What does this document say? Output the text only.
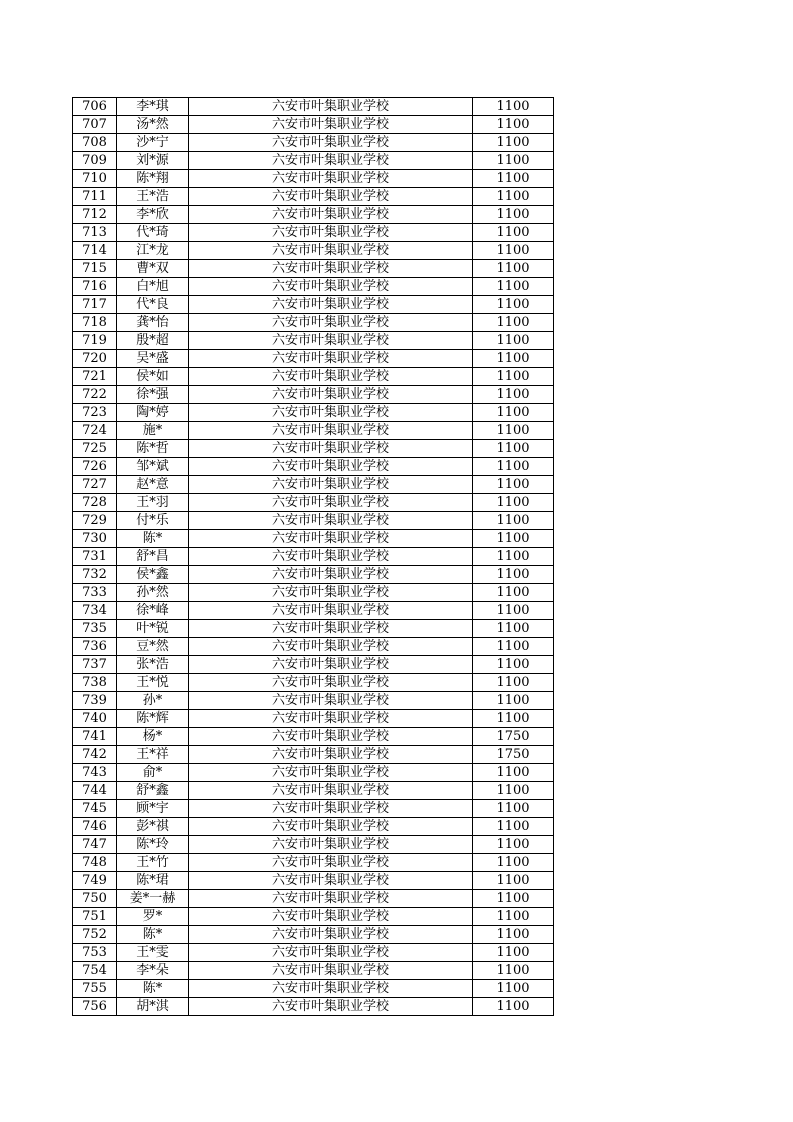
706	李*琪	六安市叶集职业学校	1100
707	汤*然	六安市叶集职业学校	1100
708	沙*宁	六安市叶集职业学校	1100
709	刘*源	六安市叶集职业学校	1100
710	陈*翔	六安市叶集职业学校	1100
711	王*浩	六安市叶集职业学校	1100
712	李*欣	六安市叶集职业学校	1100
713	代*琦	六安市叶集职业学校	1100
714	江*龙	六安市叶集职业学校	1100
715	曹*双	六安市叶集职业学校	1100
716	白*旭	六安市叶集职业学校	1100
717	代*良	六安市叶集职业学校	1100
718	龚*怡	六安市叶集职业学校	1100
719	殷*超	六安市叶集职业学校	1100
720	吴*盛	六安市叶集职业学校	1100
721	侯*如	六安市叶集职业学校	1100
722	徐*强	六安市叶集职业学校	1100
723	陶*婷	六安市叶集职业学校	1100
724	施*	六安市叶集职业学校	1100
725	陈*哲	六安市叶集职业学校	1100
726	邹*斌	六安市叶集职业学校	1100
727	赵*意	六安市叶集职业学校	1100
728	王*羽	六安市叶集职业学校	1100
729	付*乐	六安市叶集职业学校	1100
730	陈*	六安市叶集职业学校	1100
731	舒*昌	六安市叶集职业学校	1100
732	侯*鑫	六安市叶集职业学校	1100
733	孙*然	六安市叶集职业学校	1100
734	徐*峰	六安市叶集职业学校	1100
735	叶*锐	六安市叶集职业学校	1100
736	豆*然	六安市叶集职业学校	1100
737	张*浩	六安市叶集职业学校	1100
738	王*悦	六安市叶集职业学校	1100
739	孙*	六安市叶集职业学校	1100
740	陈*辉	六安市叶集职业学校	1100
741	杨*	六安市叶集职业学校	1750
742	王*祥	六安市叶集职业学校	1750
743	俞*	六安市叶集职业学校	1100
744	舒*鑫	六安市叶集职业学校	1100
745	顾*宇	六安市叶集职业学校	1100
746	彭*祺	六安市叶集职业学校	1100
747	陈*玲	六安市叶集职业学校	1100
748	王*竹	六安市叶集职业学校	1100
749	陈*珺	六安市叶集职业学校	1100
750	姜*一赫	六安市叶集职业学校	1100
751	罗*	六安市叶集职业学校	1100
752	陈*	六安市叶集职业学校	1100
753	王*雯	六安市叶集职业学校	1100
754	李*朵	六安市叶集职业学校	1100
755	陈*	六安市叶集职业学校	1100
756	胡*淇	六安市叶集职业学校	1100
